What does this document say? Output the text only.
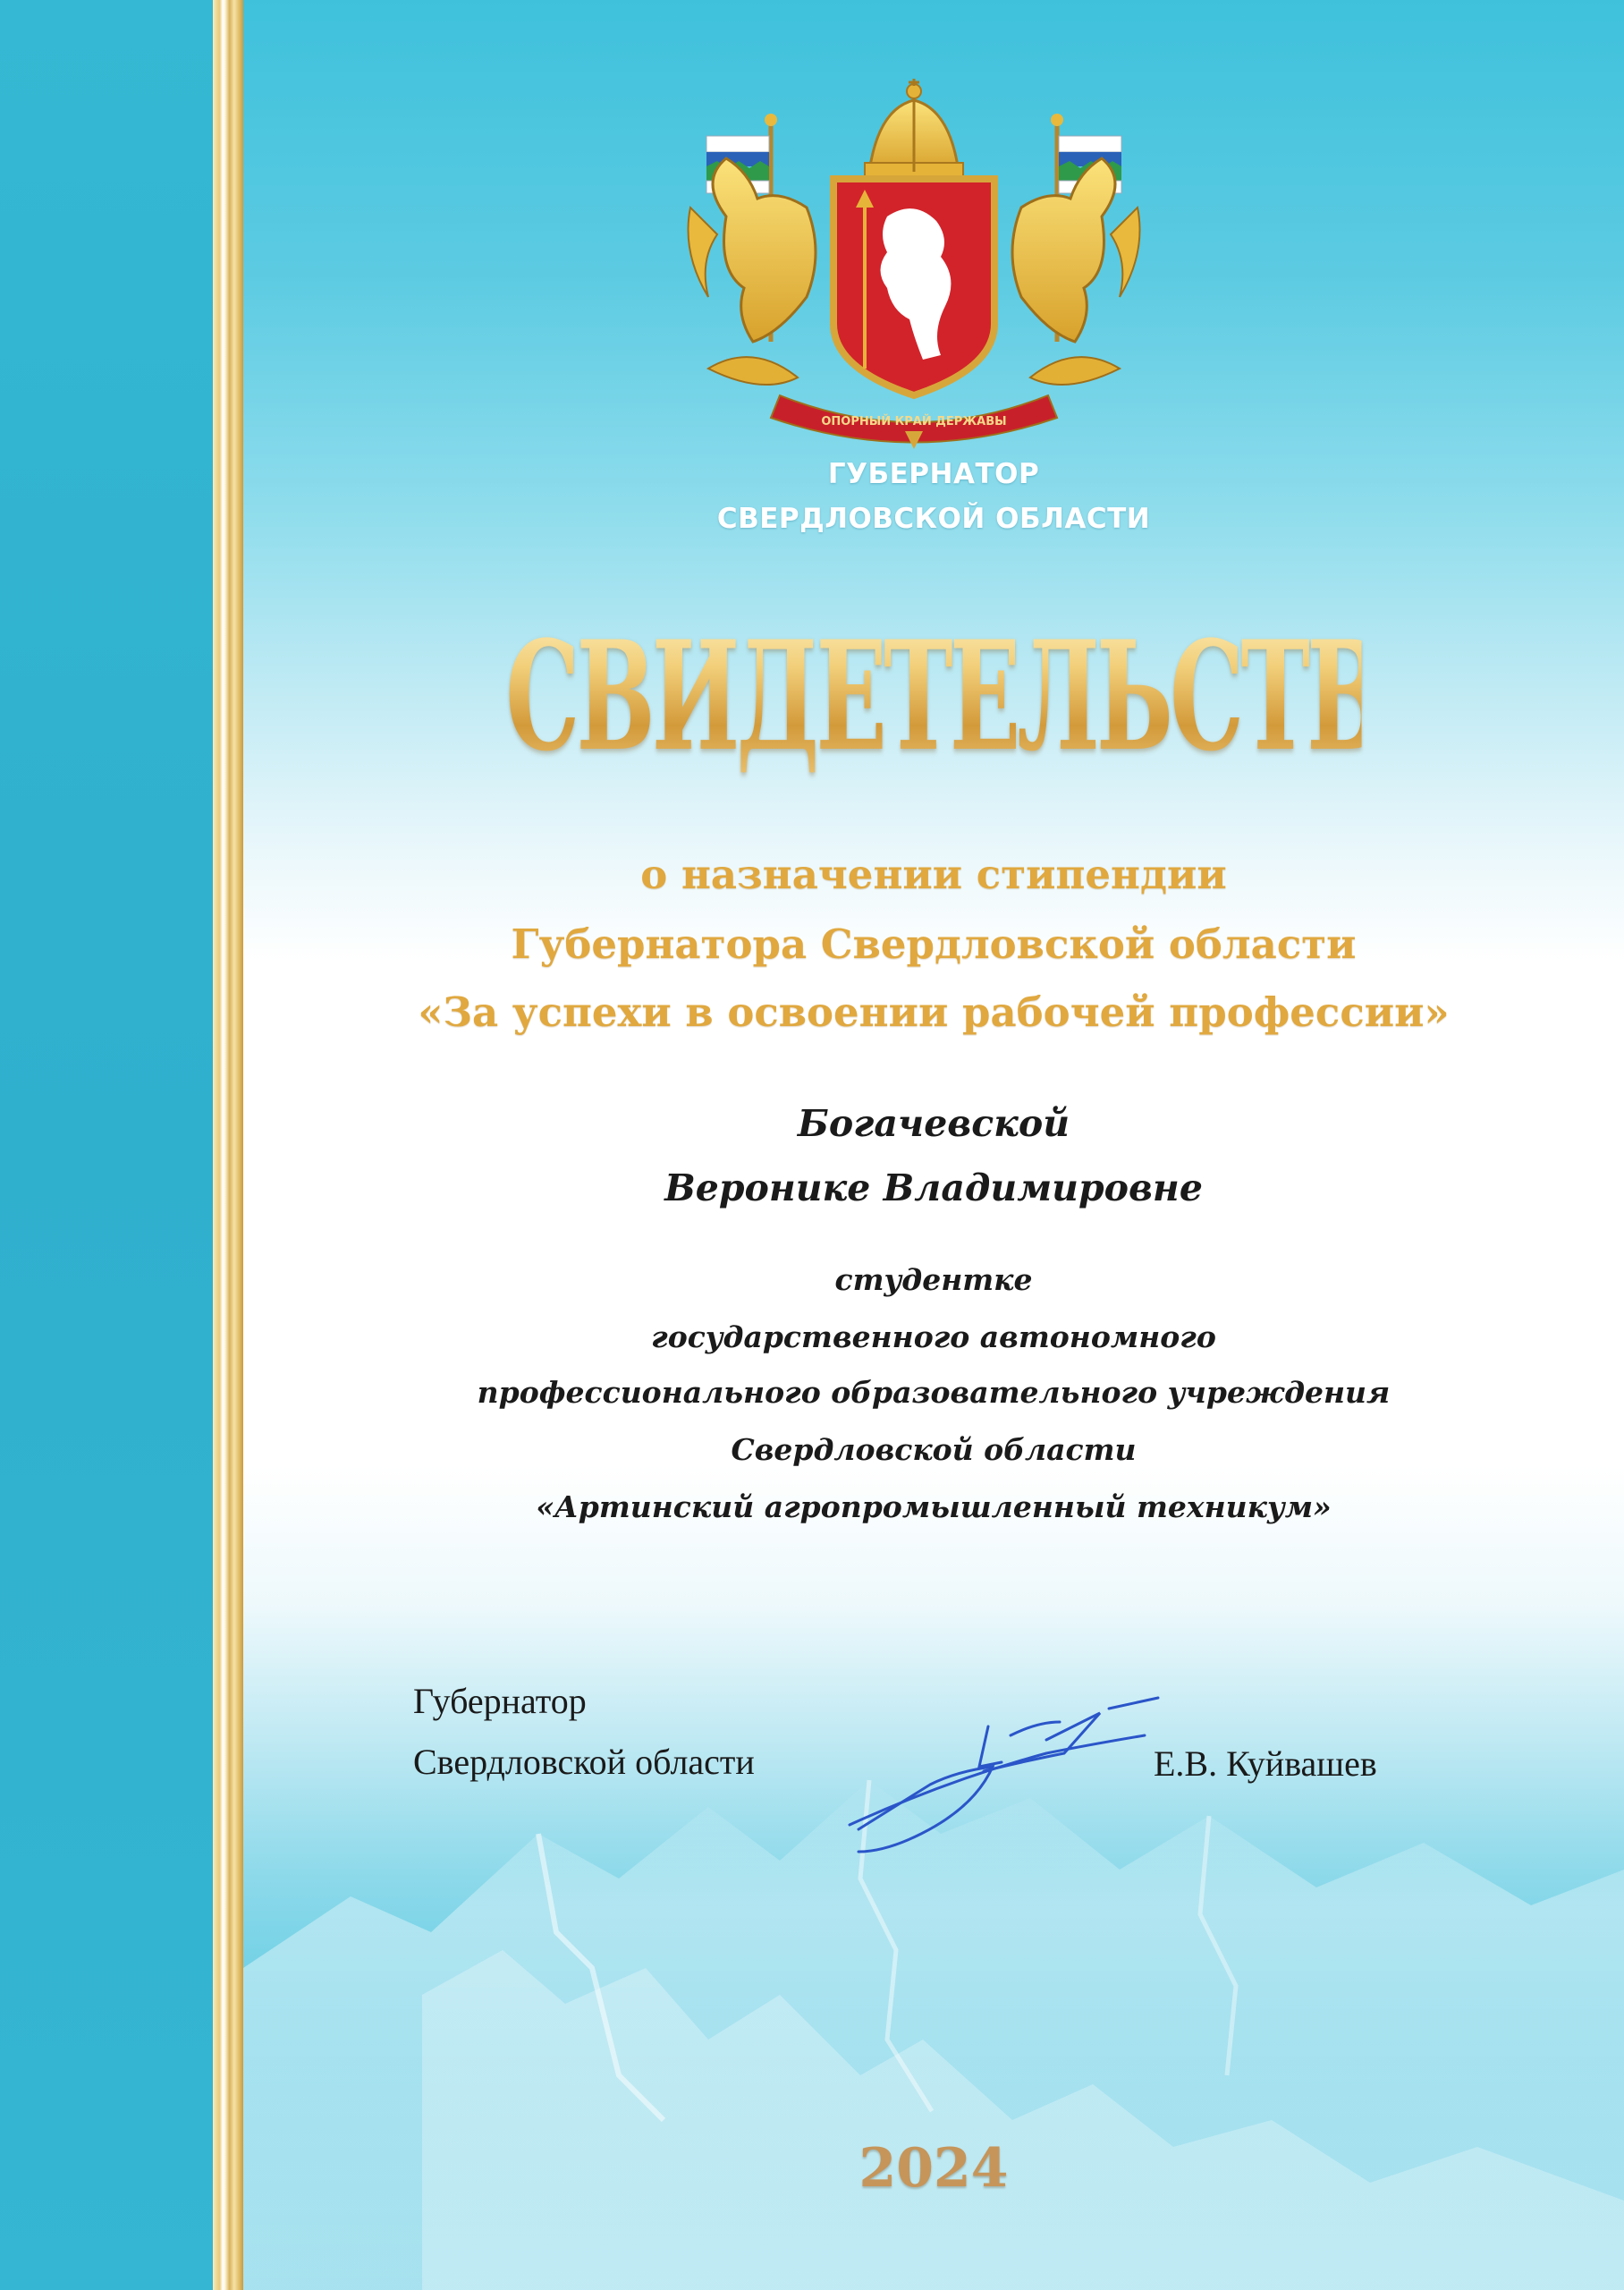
ОПОРНЫЙ КРАЙ ДЕРЖАВЫ
ГУБЕРНАТОР
СВЕРДЛОВСКОЙ ОБЛАСТИ
СВИДЕТЕЛЬСТВО
о назначении стипендии
Губернатора Свердловской области
«За успехи в освоении рабочей профессии»
Богачевской
Веронике Владимировне
студентке
государственного автономного
профессионального образовательного учреждения
Свердловской области
«Артинский агропромышленный техникум»
Губернатор
Свердловской области	Е.В. Куйвашев
2024
